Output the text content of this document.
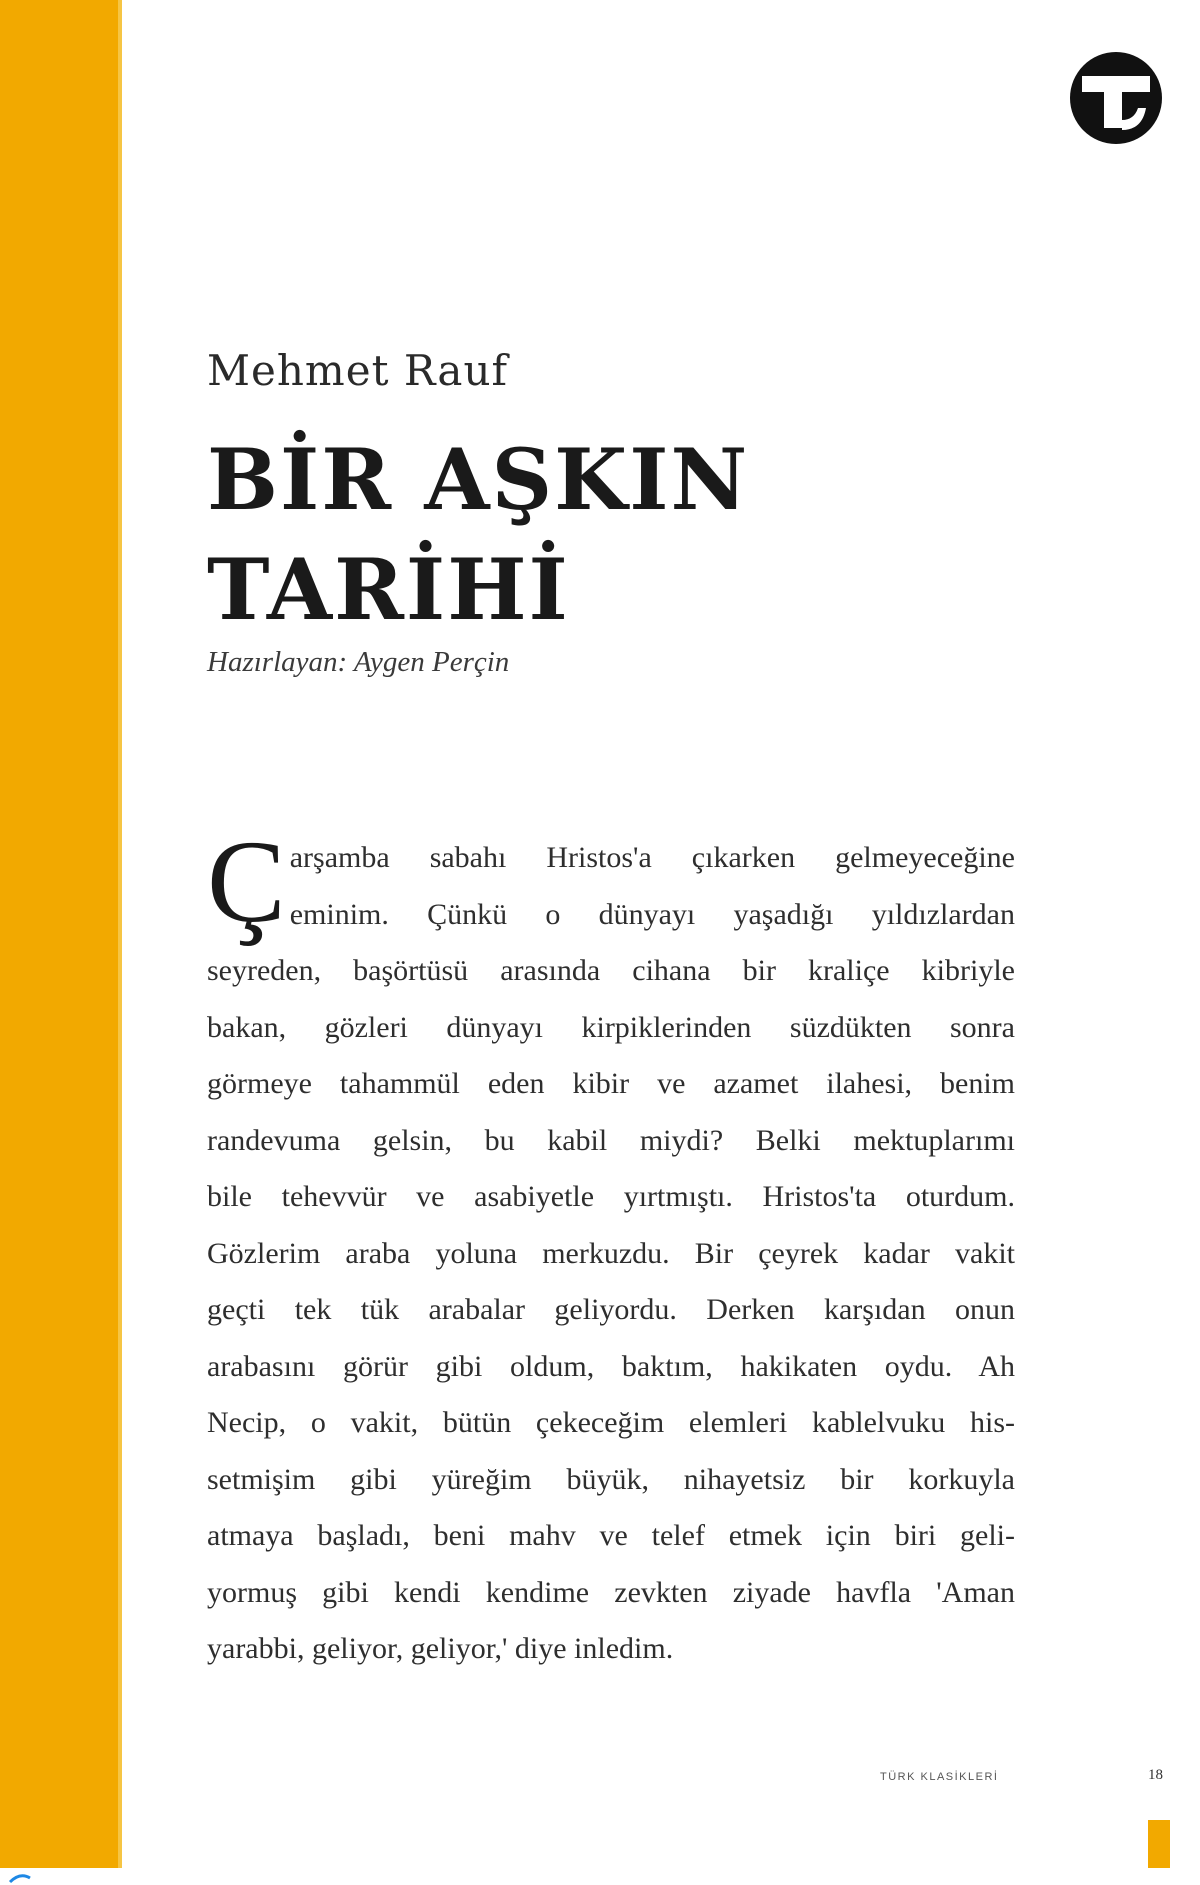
Mehmet Rauf
BİR AŞKIN
TARİHİ
Hazırlayan: Aygen Perçin
Ç arşamba sabahı Hristos'a çıkarken gelmeyeceğine
eminim. Çünkü o dünyayı yaşadığı yıldızlardan
seyreden, başörtüsü arasında cihana bir kraliçe kibriyle
bakan, gözleri dünyayı kirpiklerinden süzdükten sonra
görmeye tahammül eden kibir ve azamet ilahesi, benim
randevuma gelsin, bu kabil miydi? Belki mektuplarımı
bile tehevvür ve asabiyetle yırtmıştı. Hristos'ta oturdum.
Gözlerim araba yoluna merkuzdu. Bir çeyrek kadar vakit
geçti tek tük arabalar geliyordu. Derken karşıdan onun
arabasını görür gibi oldum, baktım, hakikaten oydu. Ah
Necip, o vakit, bütün çekeceğim elemleri kablelvuku his-
setmişim gibi yüreğim büyük, nihayetsiz bir korkuyla
atmaya başladı, beni mahv ve telef etmek için biri geli-
yormuş gibi kendi kendime zevkten ziyade havfla 'Aman
yarabbi, geliyor, geliyor,' diye inledim.
TÜRK KLASİKLERİ	18
